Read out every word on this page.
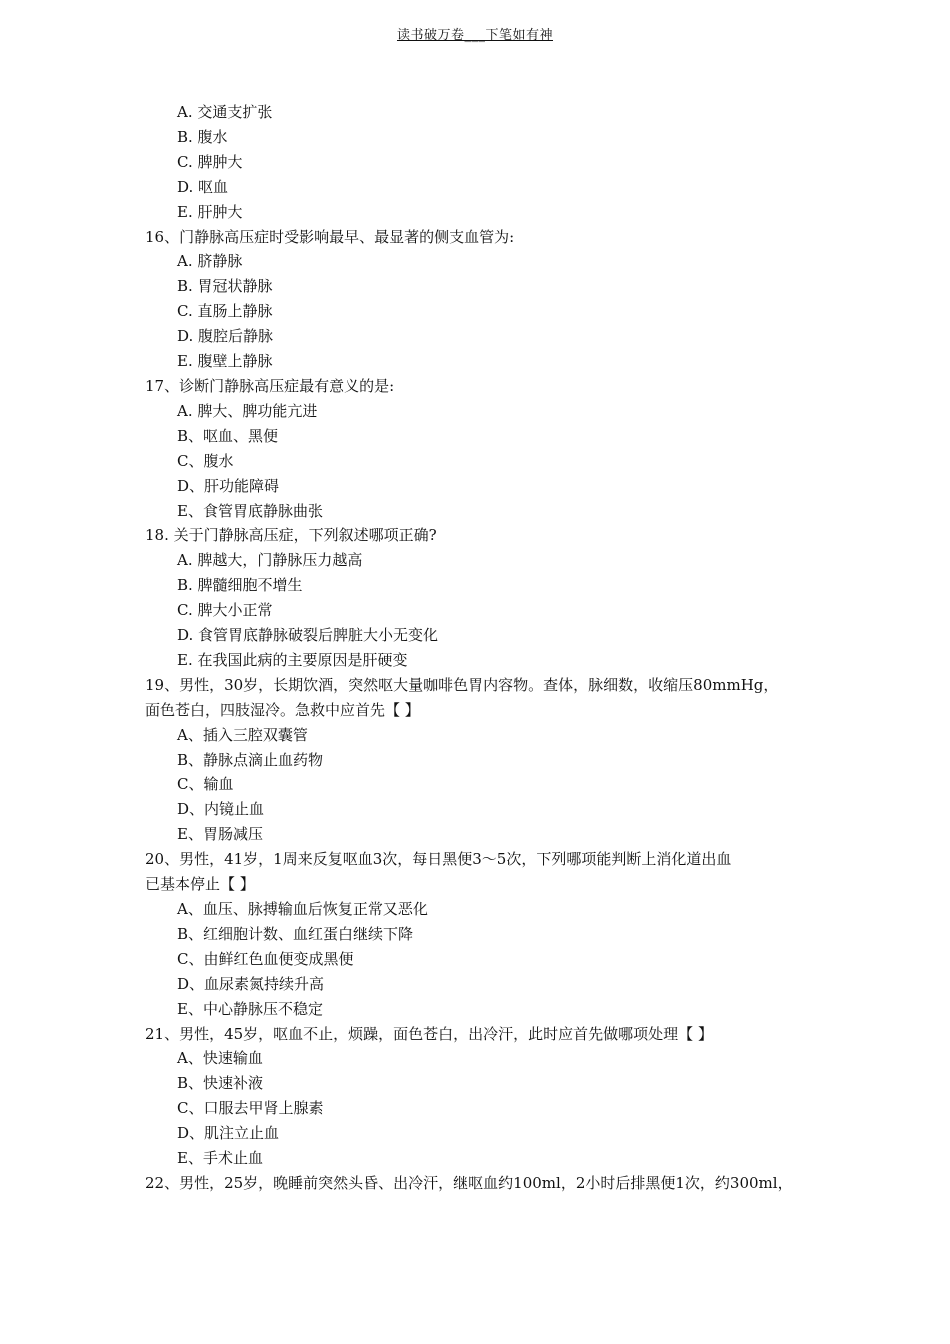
读书破万卷___下笔如有神

A. 交通支扩张

B. 腹水

C. 脾肿大

D. 呕血

E. 肝肿大

16、门静脉高压症时受影响最早、最显著的侧支血管为:

A. 脐静脉

B. 胃冠状静脉

C. 直肠上静脉

D. 腹腔后静脉

E. 腹壁上静脉

17、诊断门静脉高压症最有意义的是:

A. 脾大、脾功能亢进

B、呕血、黑便

C、腹水

D、肝功能障碍

E、食管胃底静脉曲张

18. 关于门静脉高压症，下列叙述哪项正确?

A. 脾越大，门静脉压力越高

B. 脾髓细胞不增生

C. 脾大小正常

D. 食管胃底静脉破裂后脾脏大小无变化

E. 在我国此病的主要原因是肝硬变

19、男性，30岁，长期饮酒，突然呕大量咖啡色胃内容物。查体，脉细数，收缩压80mmHg，

面色苍白，四肢湿冷。急救中应首先【 】

A、插入三腔双囊管

B、静脉点滴止血药物

C、输血

D、内镜止血

E、胃肠减压

20、男性，41岁，1周来反复呕血3次，每日黑便3～5次，下列哪项能判断上消化道出血

已基本停止【 】

A、血压、脉搏输血后恢复正常又恶化

B、红细胞计数、血红蛋白继续下降

C、由鲜红色血便变成黑便

D、血尿素氮持续升高

E、中心静脉压不稳定

21、男性，45岁，呕血不止，烦躁，面色苍白，出冷汗，此时应首先做哪项处理【 】

A、快速输血

B、快速补液

C、口服去甲肾上腺素

D、肌注立止血

E、手术止血

22、男性，25岁，晚睡前突然头昏、出冷汗，继呕血约100ml，2小时后排黑便1次，约300ml，
